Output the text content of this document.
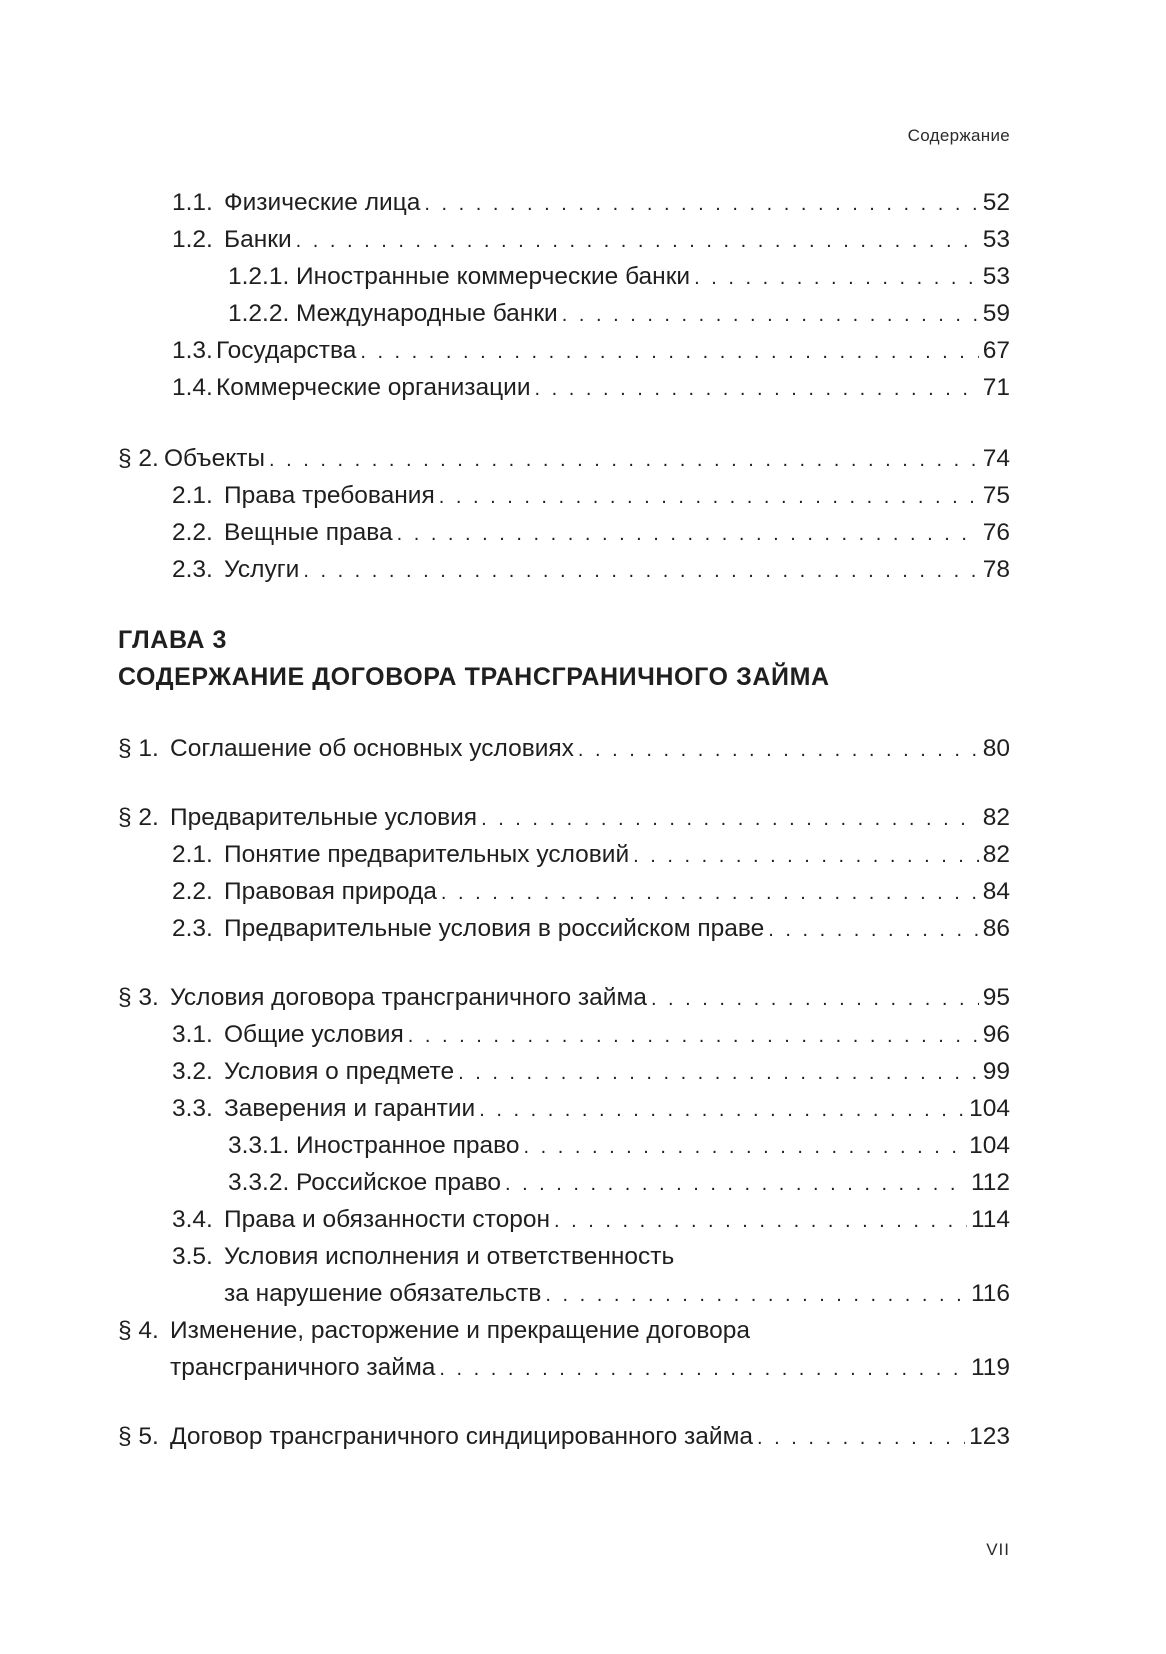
Содержание
1.1. Физические лица . . .	52
1.2. Банки . . .	53
1.2.1. Иностранные коммерческие банки . . .	53
1.2.2. Международные банки . . .	59
1.3. Государства . . .	67
1.4. Коммерческие организации . . .	71
§ 2. Объекты . . .	74
2.1. Права требования . . .	75
2.2. Вещные права . . .	76
2.3. Услуги . . .	78
ГЛАВА 3
СОДЕРЖАНИЕ ДОГОВОРА ТРАНСГРАНИЧНОГО ЗАЙМА
§ 1. Соглашение об основных условиях . . .	80
§ 2. Предварительные условия . . .	82
2.1. Понятие предварительных условий . . .	82
2.2. Правовая природа . . .	84
2.3. Предварительные условия в российском праве . . .	86
§ 3. Условия договора трансграничного займа . . .	95
3.1. Общие условия . . .	96
3.2. Условия о предмете . . .	99
3.3. Заверения и гарантии . . .	104
3.3.1. Иностранное право . . .	104
3.3.2. Российское право . . .	112
3.4. Права и обязанности сторон . . .	114
3.5. Условия исполнения и ответственность
за нарушение обязательств . . .	116
§ 4. Изменение, расторжение и прекращение договора
трансграничного займа . . .	119
§ 5. Договор трансграничного синдицированного займа . . .	123
VII
